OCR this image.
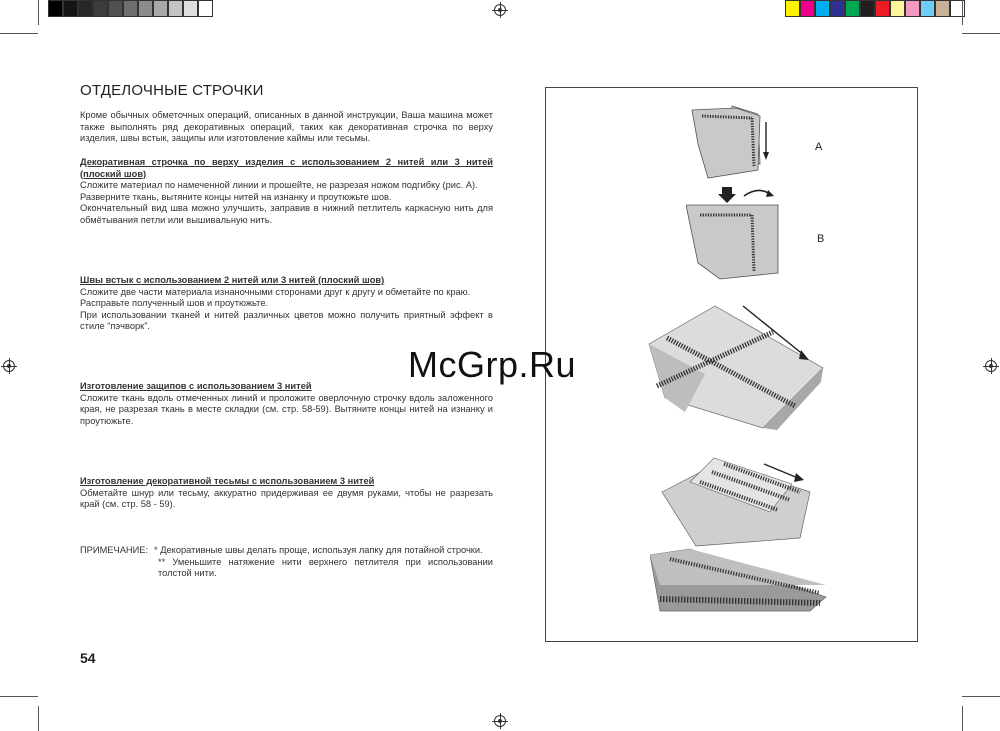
ОТДЕЛОЧНЫЕ СТРОЧКИ

Кроме обычных обметочных операций, описанных в данной инструкции, Ваша машина может также выполнять ряд декоративных операций, таких как декоративная строчка по верху изделия, швы встык, защипы или изготовление каймы или тесьмы.

Декоративная строчка по верху изделия с использованием 2 нитей или 3 нитей (плоский шов)

Сложите материал по намеченной линии и прошейте, не разрезая ножом подгибку (рис. А).

Разверните ткань, вытяните концы нитей на изнанку и проутюжьте шов.

Окончательный вид шва можно улучшить, заправив в нижний петлитель каркасную нить для обмётывания петли или вышивальную нить.

Швы встык с использованием 2 нитей или 3 нитей (плоский шов)

Сложите две части материала изнаночными сторонами друг к другу и обметайте по краю.

Расправьте полученный шов и проутюжьте.

При использовании тканей и нитей различных цветов можно получить приятный эффект в стиле “пэчворк”.

Изготовление защипов с использованием 3 нитей

Сложите ткань вдоль отмеченных линий и проложите оверлочную строчку вдоль заложенного края, не разрезая ткань в месте складки (см. стр. 58-59). Вытяните концы нитей на изнанку и проутюжьте.

Изготовление декоративной тесьмы с использованием 3 нитей

Обметайте шнур или тесьму, аккуратно придерживая ее двумя руками, чтобы не разрезать край (см. стр. 58 - 59).

ПРИМЕЧАНИЕ: * Декоративные швы делать проще, используя лапку для потайной строчки.
** Уменьшите натяжение нити верхнего петлителя при использовании толстой нити.
54
A
B
McGrp.Ru
